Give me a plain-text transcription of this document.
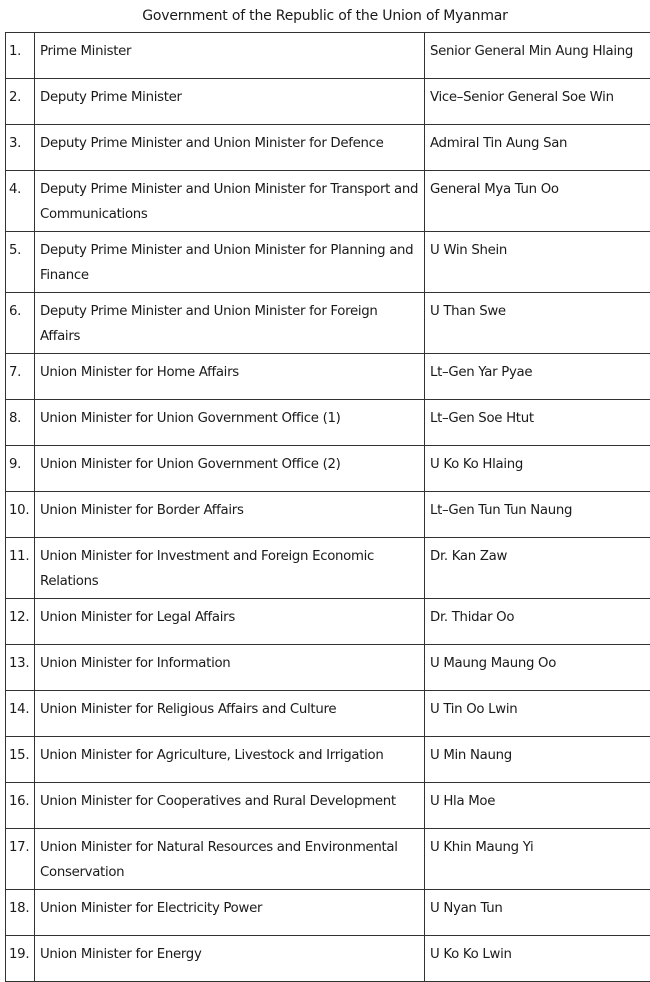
Government of the Republic of the Union of Myanmar
1.	Prime Minister	Senior General Min Aung Hlaing
2.	Deputy Prime Minister	Vice–Senior General Soe Win
3.	Deputy Prime Minister and Union Minister for Defence	Admiral Tin Aung San
4.	Deputy Prime Minister and Union Minister for Transport and Communications	General Mya Tun Oo
5.	Deputy Prime Minister and Union Minister for Planning and Finance	U Win Shein
6.	Deputy Prime Minister and Union Minister for Foreign Affairs	U Than Swe
7.	Union Minister for Home Affairs	Lt–Gen Yar Pyae
8.	Union Minister for Union Government Office (1)	Lt–Gen Soe Htut
9.	Union Minister for Union Government Office (2)	U Ko Ko Hlaing
10.	Union Minister for Border Affairs	Lt–Gen Tun Tun Naung
11.	Union Minister for Investment and Foreign Economic Relations	Dr. Kan Zaw
12.	Union Minister for Legal Affairs	Dr. Thidar Oo
13.	Union Minister for Information	U Maung Maung Oo
14.	Union Minister for Religious Affairs and Culture	U Tin Oo Lwin
15.	Union Minister for Agriculture, Livestock and Irrigation	U Min Naung
16.	Union Minister for Cooperatives and Rural Development	U Hla Moe
17.	Union Minister for Natural Resources and Environmental Conservation	U Khin Maung Yi
18.	Union Minister for Electricity Power	U Nyan Tun
19.	Union Minister for Energy	U Ko Ko Lwin
